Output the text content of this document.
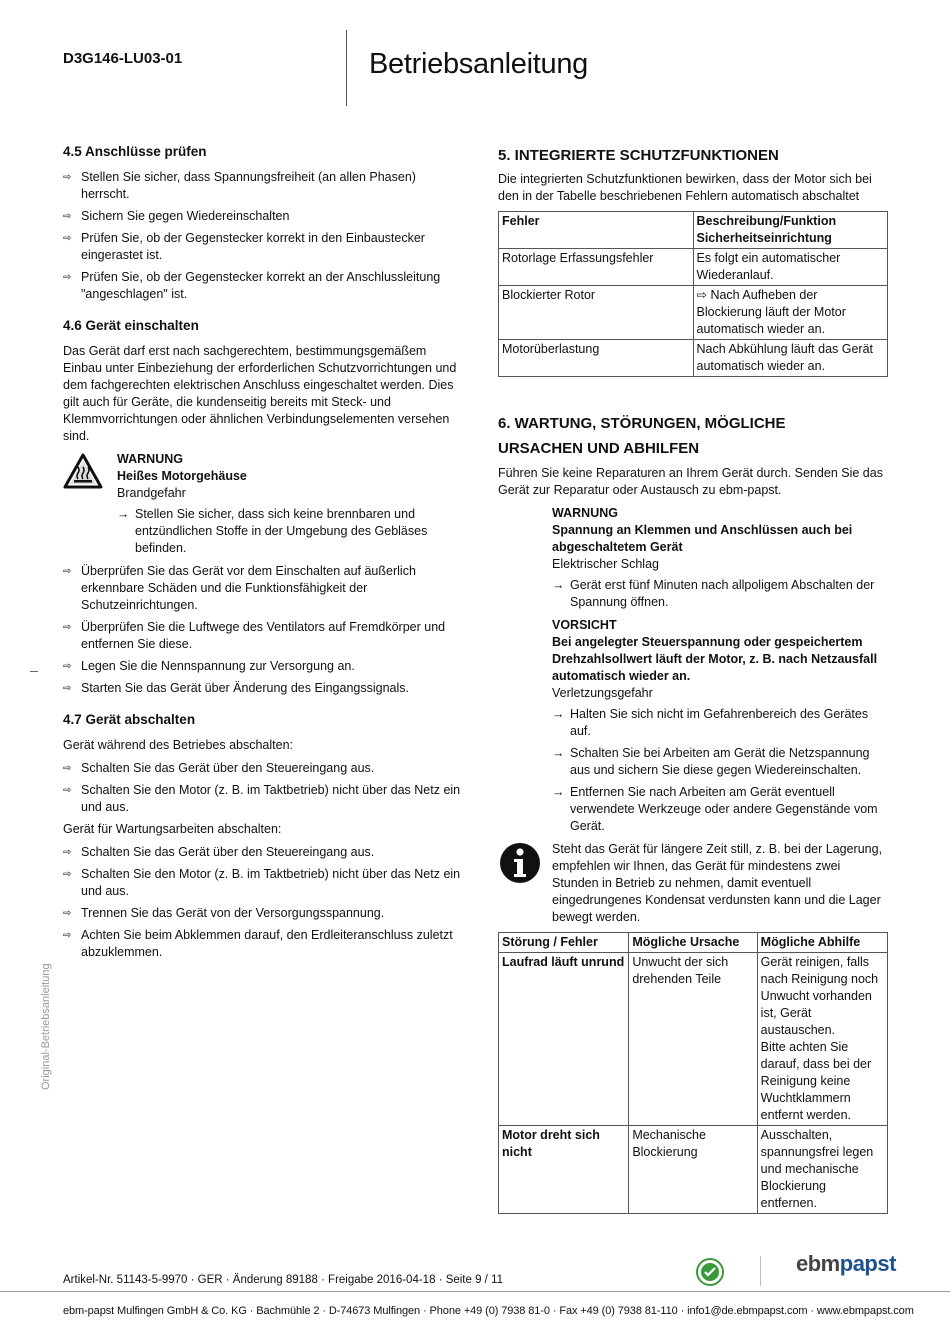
D3G146-LU03-01	Betriebsanleitung
Original-Betriebsanleitung
4.5 Anschlüsse prüfen
⇨ Stellen Sie sicher, dass Spannungsfreiheit (an allen Phasen) herrscht.
⇨ Sichern Sie gegen Wiedereinschalten
⇨ Prüfen Sie, ob der Gegenstecker korrekt in den Einbaustecker eingerastet ist.
⇨ Prüfen Sie, ob der Gegenstecker korrekt an der Anschlussleitung "angeschlagen" ist.
4.6 Gerät einschalten

Das Gerät darf erst nach sachgerechtem, bestimmungsgemäßem Einbau unter Einbeziehung der erforderlichen Schutzvorrichtungen und dem fachgerechten elektrischen Anschluss eingeschaltet werden. Dies gilt auch für Geräte, die kundenseitig bereits mit Steck- und Klemmvorrichtungen oder ähnlichen Verbindungselementen versehen sind.

WARNUNG
Heißes Motorgehäuse
Brandgefahr
→ Stellen Sie sicher, dass sich keine brennbaren und entzündlichen Stoffe in der Umgebung des Gebläses befinden.
⇨ Überprüfen Sie das Gerät vor dem Einschalten auf äußerlich erkennbare Schäden und die Funktionsfähigkeit der Schutzeinrichtungen.
⇨ Überprüfen Sie die Luftwege des Ventilators auf Fremdkörper und entfernen Sie diese.
⇨ Legen Sie die Nennspannung zur Versorgung an.
⇨ Starten Sie das Gerät über Änderung des Eingangssignals.
4.7 Gerät abschalten

Gerät während des Betriebes abschalten:

⇨ Schalten Sie das Gerät über den Steuereingang aus.
⇨ Schalten Sie den Motor (z. B. im Taktbetrieb) nicht über das Netz ein und aus.

Gerät für Wartungsarbeiten abschalten:

⇨ Schalten Sie das Gerät über den Steuereingang aus.
⇨ Schalten Sie den Motor (z. B. im Taktbetrieb) nicht über das Netz ein und aus.
⇨ Trennen Sie das Gerät von der Versorgungsspannung.
⇨ Achten Sie beim Abklemmen darauf, den Erdleiteranschluss zuletzt abzuklemmen.
5. INTEGRIERTE SCHUTZFUNKTIONEN

Die integrierten Schutzfunktionen bewirken, dass der Motor sich bei den in der Tabelle beschriebenen Fehlern automatisch abschaltet

Fehler	Beschreibung/Funktion Sicherheitseinrichtung
Rotorlage Erfassungsfehler	Es folgt ein automatischer Wiederanlauf.
Blockierter Rotor	⇨ Nach Aufheben der Blockierung läuft der Motor automatisch wieder an.
Motorüberlastung	Nach Abkühlung läuft das Gerät automatisch wieder an.
6. WARTUNG, STÖRUNGEN, MÖGLICHE
URSACHEN UND ABHILFEN

Führen Sie keine Reparaturen an Ihrem Gerät durch. Senden Sie das Gerät zur Reparatur oder Austausch zu ebm-papst.

WARNUNG
Spannung an Klemmen und Anschlüssen auch bei abgeschaltetem Gerät
Elektrischer Schlag
→ Gerät erst fünf Minuten nach allpoligem Abschalten der Spannung öffnen.
VORSICHT
Bei angelegter Steuerspannung oder gespeichertem Drehzahlsollwert läuft der Motor, z. B. nach Netzausfall automatisch wieder an.
Verletzungsgefahr
→ Halten Sie sich nicht im Gefahrenbereich des Gerätes auf.
→ Schalten Sie bei Arbeiten am Gerät die Netzspannung aus und sichern Sie diese gegen Wiedereinschalten.
→ Entfernen Sie nach Arbeiten am Gerät eventuell verwendete Werkzeuge oder andere Gegenstände vom Gerät.

Steht das Gerät für längere Zeit still, z. B. bei der Lagerung, empfehlen wir Ihnen, das Gerät für mindestens zwei Stunden in Betrieb zu nehmen, damit eventuell eingedrungenes Kondensat verdunsten kann und die Lager bewegt werden.

Störung / Fehler	Mögliche Ursache	Mögliche Abhilfe
Laufrad läuft unrund	Unwucht der sich drehenden Teile	Gerät reinigen, falls nach Reinigung noch Unwucht vorhanden ist, Gerät austauschen.
Bitte achten Sie darauf, dass bei der Reinigung keine Wuchtklammern entfernt werden.

Motor dreht sich nicht	Mechanische Blockierung	Ausschalten, spannungsfrei legen und mechanische Blockierung entfernen.
Artikel-Nr. 51143-5-9970 · GER · Änderung 89188 · Freigabe 2016-04-18 · Seite 9 / 11
ebmpapst
ebm-papst Mulfingen GmbH & Co. KG · Bachmühle 2 · D-74673 Mulfingen · Phone +49 (0) 7938 81-0 · Fax +49 (0) 7938 81-110 · info1@de.ebmpapst.com · www.ebmpapst.com
